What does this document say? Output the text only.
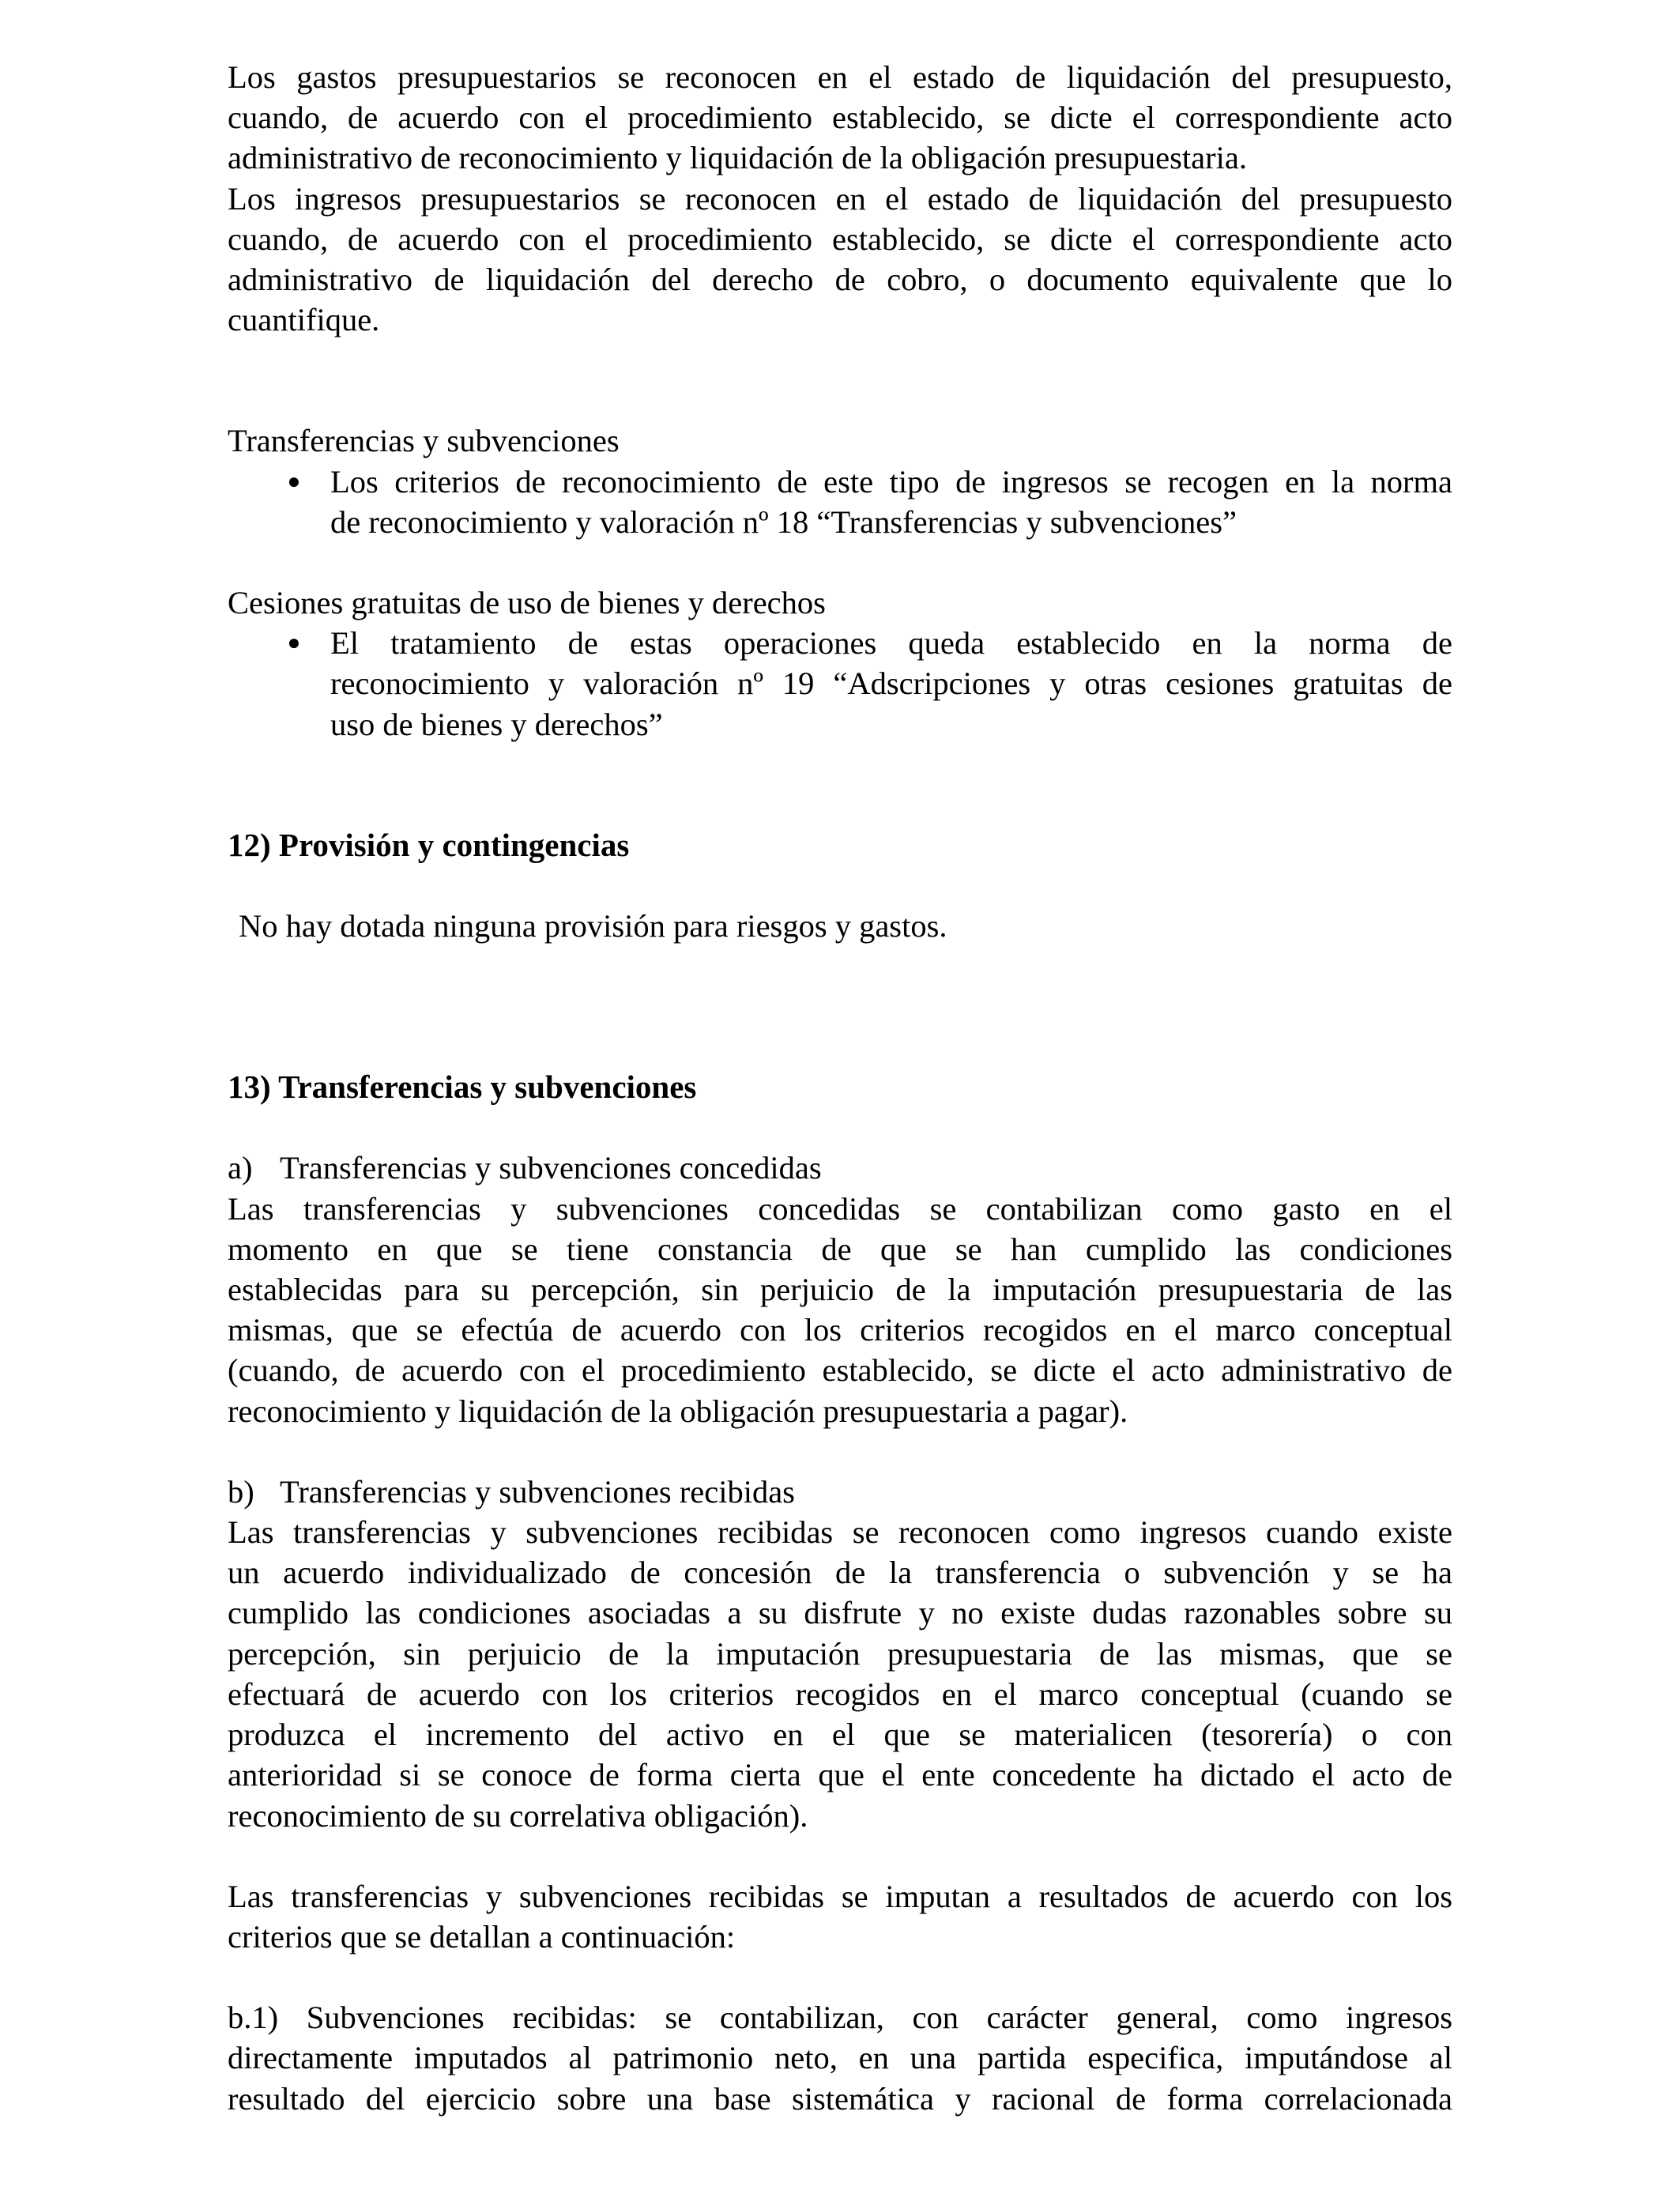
Los gastos presupuestarios se reconocen en el estado de liquidación del presupuesto,

cuando, de acuerdo con el procedimiento establecido, se dicte el correspondiente acto

administrativo de reconocimiento y liquidación de la obligación presupuestaria.

Los ingresos presupuestarios se reconocen en el estado de liquidación del presupuesto

cuando, de acuerdo con el procedimiento establecido, se dicte el correspondiente acto

administrativo de liquidación del derecho de cobro, o documento equivalente que lo

cuantifique.

Transferencias y subvenciones

● Los criterios de reconocimiento de este tipo de ingresos se recogen en la norma

de reconocimiento y valoración nº 18 “Transferencias y subvenciones”

Cesiones gratuitas de uso de bienes y derechos

● El tratamiento de estas operaciones queda establecido en la norma de

reconocimiento y valoración nº 19 “Adscripciones y otras cesiones gratuitas de

uso de bienes y derechos”

12) Provisión y contingencias

No hay dotada ninguna provisión para riesgos y gastos.

13) Transferencias y subvenciones

a) Transferencias y subvenciones concedidas

Las transferencias y subvenciones concedidas se contabilizan como gasto en el

momento en que se tiene constancia de que se han cumplido las condiciones

establecidas para su percepción, sin perjuicio de la imputación presupuestaria de las

mismas, que se efectúa de acuerdo con los criterios recogidos en el marco conceptual

(cuando, de acuerdo con el procedimiento establecido, se dicte el acto administrativo de

reconocimiento y liquidación de la obligación presupuestaria a pagar).

b) Transferencias y subvenciones recibidas

Las transferencias y subvenciones recibidas se reconocen como ingresos cuando existe

un acuerdo individualizado de concesión de la transferencia o subvención y se ha

cumplido las condiciones asociadas a su disfrute y no existe dudas razonables sobre su

percepción, sin perjuicio de la imputación presupuestaria de las mismas, que se

efectuará de acuerdo con los criterios recogidos en el marco conceptual (cuando se

produzca el incremento del activo en el que se materialicen (tesorería) o con

anterioridad si se conoce de forma cierta que el ente concedente ha dictado el acto de

reconocimiento de su correlativa obligación).

Las transferencias y subvenciones recibidas se imputan a resultados de acuerdo con los

criterios que se detallan a continuación:

b.1) Subvenciones recibidas: se contabilizan, con carácter general, como ingresos

directamente imputados al patrimonio neto, en una partida especifica, imputándose al

resultado del ejercicio sobre una base sistemática y racional de forma correlacionada
